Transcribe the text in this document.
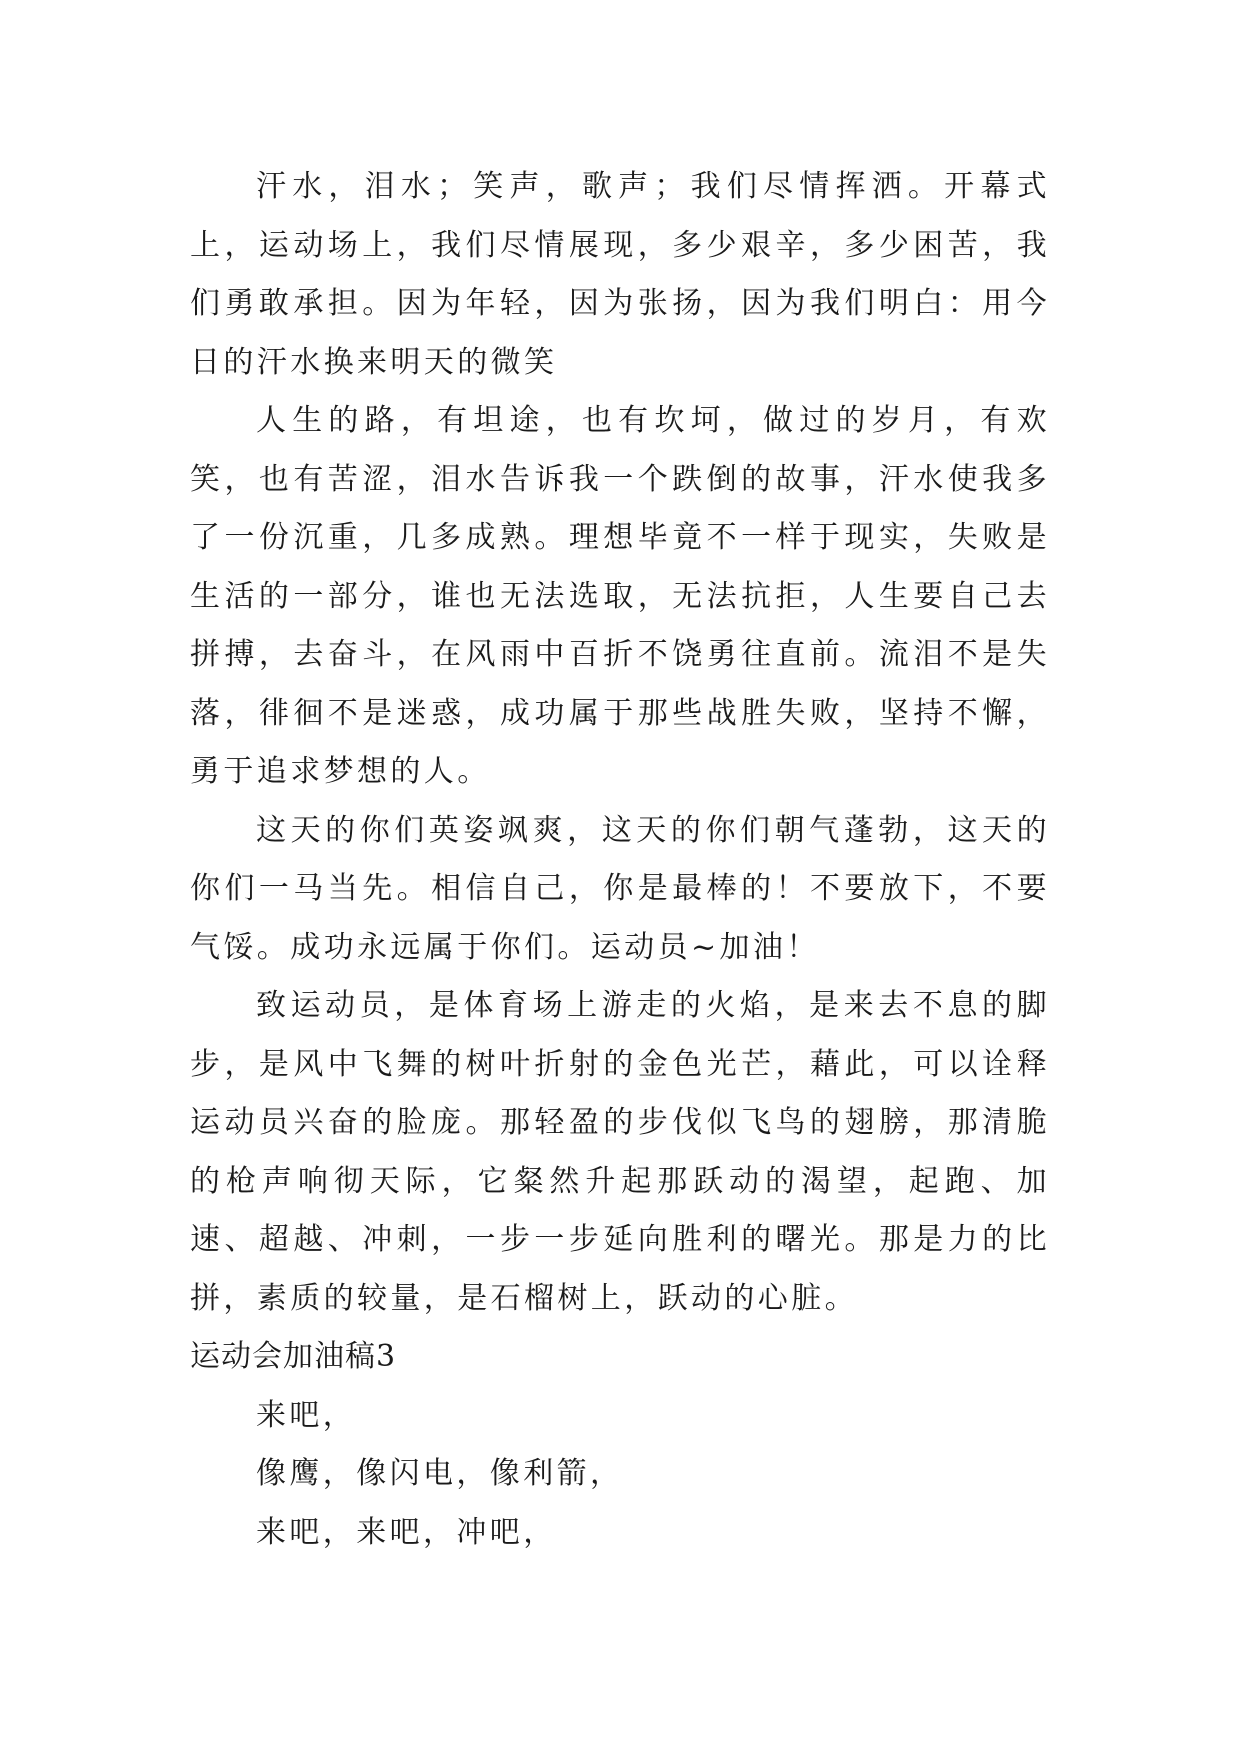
汗水，泪水；笑声，歌声；我们尽情挥洒。开幕式上，运动场上，我们尽情展现，多少艰辛，多少困苦，我们勇敢承担。因为年轻，因为张扬，因为我们明白：用今日的汗水换来明天的微笑

人生的路，有坦途，也有坎坷，做过的岁月，有欢笑，也有苦涩，泪水告诉我一个跌倒的故事，汗水使我多了一份沉重，几多成熟。理想毕竟不一样于现实，失败是生活的一部分，谁也无法选取，无法抗拒，人生要自己去拼搏，去奋斗，在风雨中百折不饶勇往直前。流泪不是失落，徘徊不是迷惑，成功属于那些战胜失败，坚持不懈，勇于追求梦想的人。

这天的你们英姿飒爽，这天的你们朝气蓬勃，这天的你们一马当先。相信自己，你是最棒的！不要放下，不要气馁。成功永远属于你们。运动员~加油！

致运动员，是体育场上游走的火焰，是来去不息的脚步，是风中飞舞的树叶折射的金色光芒，藉此，可以诠释运动员兴奋的脸庞。那轻盈的步伐似飞鸟的翅膀，那清脆的枪声响彻天际，它粲然升起那跃动的渴望，起跑、加速、超越、冲刺，一步一步延向胜利的曙光。那是力的比拼，素质的较量，是石榴树上，跃动的心脏。

运动会加油稿3

来吧，

像鹰，像闪电，像利箭，

来吧，来吧，冲吧，
